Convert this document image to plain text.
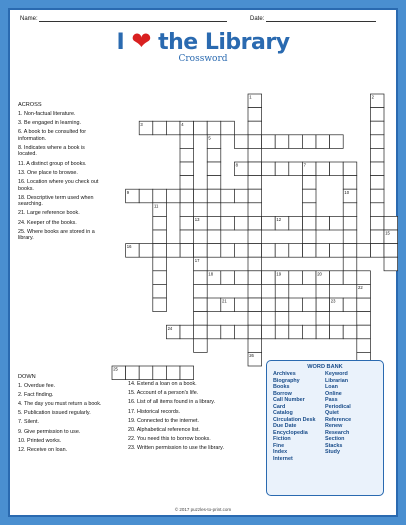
Name:	Date:
I ❤ the Library
Crossword
ACROSS
1. Non-factual literature.
3. Be engaged in learning.
6. A book to be consulted for information.
8. Indicates where a book is located.
11. A distinct group of books.
13. One place to browse.
16. Location where you check out books.
18. Descriptive term used when searching.
21. Large reference book.
24. Keeper of the books.
25. Where books are stored in a library.
DOWN
1. Overdue fee.
2. Fact finding.
4. The day you must return a book.
5. Publication issued regularly.
7. Silent.
9. Give permission to use.
10. Printed works.
12. Receive on loan.
14. Extend a loan on a book.
15. Account of a person's life.
16. List of all items found in a library.
17. Historical records.
19. Connected to the internet.
20. Alphabetical reference list.
22. You need this to borrow books.
23. Written permission to use the library.
1
26
2
3	4
5
8	7
10
9
11
13	12
15
16
17
18	19	20
21	23
22
24
25	WORD BANK
Archives
Biography
Books
Borrow
Call Number
Card
Catalog
Circulation Desk
Due Date
Encyclopedia
Fiction
Fine
Index
Internet
Keyword
Librarian
Loan
Online
Pass
Periodical
Quiet
Reference
Renew
Research
Section
Stacks
Study
© 2017 puzzles-to-print.com
